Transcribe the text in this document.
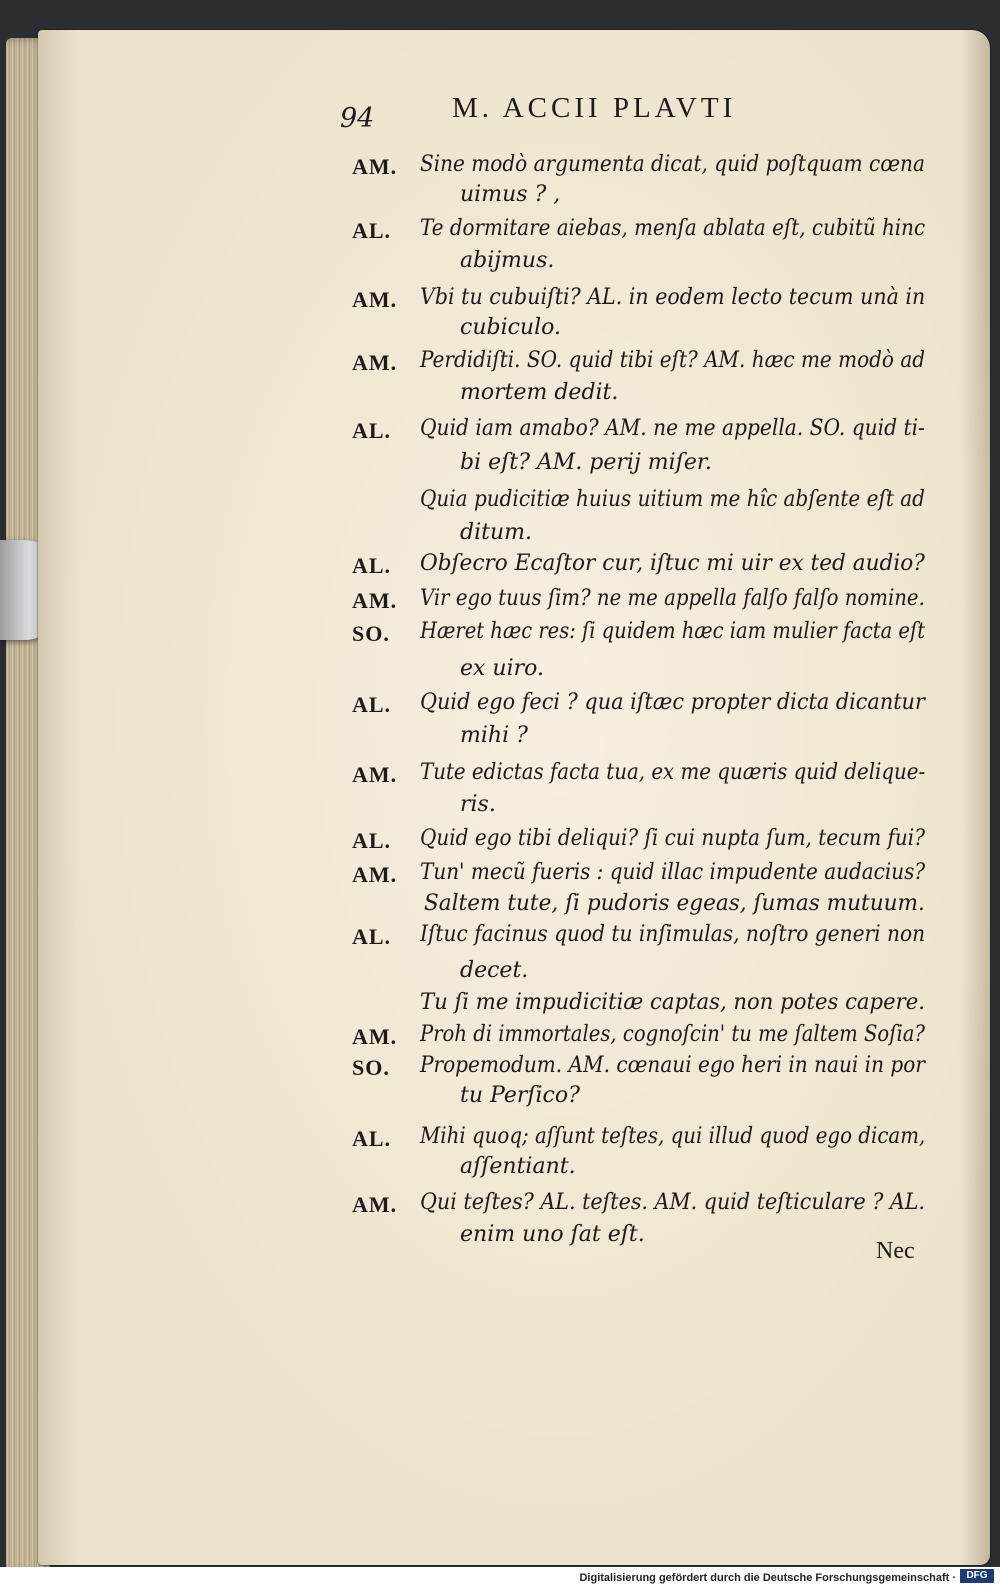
94	M. ACCII PLAVTI
AM. Sine modò argumenta dicat, quid poſtquam cœna
uimus ? ,
AL. Te dormitare aiebas, menſa ablata eſt, cubitũ hinc
abijmus.
AM. Vbi tu cubuiſti? AL. in eodem lecto tecum unà in
cubiculo.
AM. Perdidiſti. SO. quid tibi eſt? AM. hæc me modò ad
mortem dedit.
AL. Quid iam amabo? AM. ne me appella. SO. quid ti-
bi eſt? AM. perij miſer.
Quia pudicitiæ huius uitium me hîc abſente eſt ad
ditum.
AL. Obſecro Ecaſtor cur, iſtuc mi uir ex ted audio?
AM. Vir ego tuus ſim? ne me appella falſo falſo nomine.
SO. Hæret hæc res: ſi quidem hæc iam mulier facta eſt
ex uiro.
AL. Quid ego feci ? qua iſtæc propter dicta dicantur
mihi ?
AM. Tute edictas facta tua, ex me quæris quid delique-
ris.
AL. Quid ego tibi deliqui? ſi cui nupta ſum, tecum fui?
AM. Tun' mecũ fueris : quid illac impudente audacius?
Saltem tute, ſi pudoris egeas, ſumas mutuum.
AL. Iſtuc facinus quod tu inſimulas, noſtro generi non
decet.
Tu ſi me impudicitiæ captas, non potes capere.
AM. Proh di immortales, cognoſcin' tu me ſaltem Soſia?
SO. Propemodum. AM. cœnaui ego heri in naui in por
tu Perſico?
AL. Mihi quoq; aſſunt teſtes, qui illud quod ego dicam,
aſſentiant.
AM. Qui teſtes? AL. teſtes. AM. quid teſticulare ? AL.
enim uno ſat eſt.
Nec
Digitalisierung gefördert durch die Deutsche Forschungsgemeinschaft ·	DFG
